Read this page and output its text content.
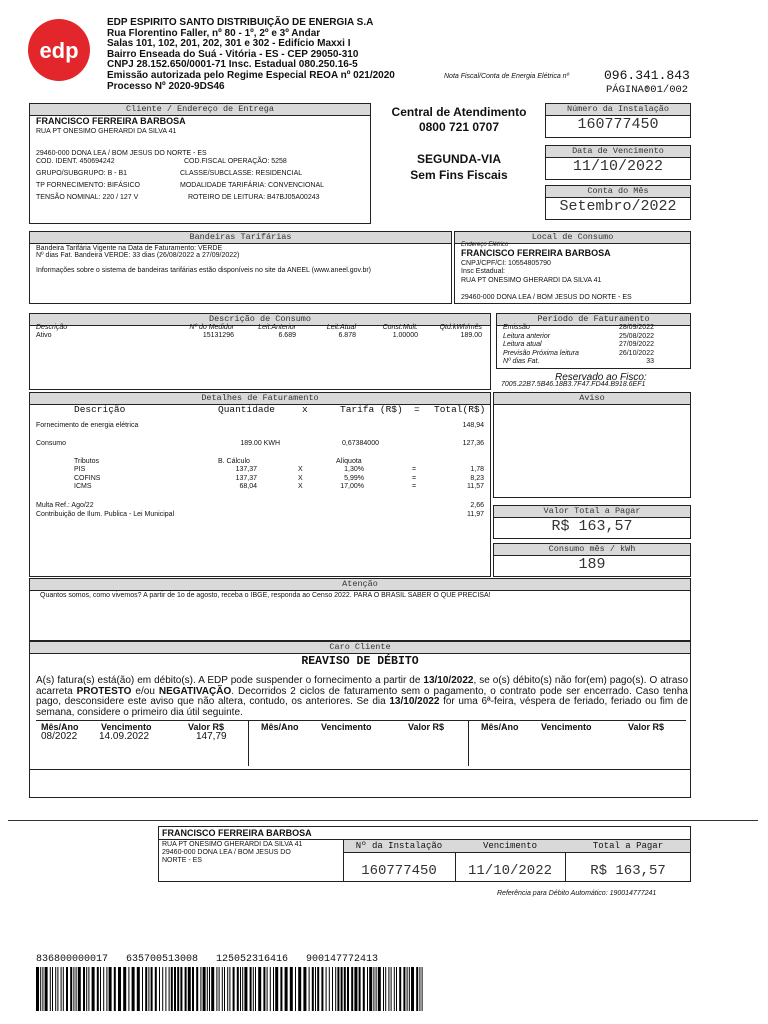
edp
EDP ESPIRITO SANTO DISTRIBUIÇÃO DE ENERGIA S.A
Rua Florentino Faller, nº 80 - 1º, 2º e 3º Andar
Salas 101, 102, 201, 202, 301 e 302 - Edifício Maxxi I
Bairro Enseada do Suá - Vitória - ES - CEP 29050-310
CNPJ 28.152.650/0001-71 Insc. Estadual 080.250.16-5
Emissão autorizada pelo Regime Especial REOA nº 021/2020
Processo Nº 2020-9DS46
Nota Fiscal/Conta de Energia Elétrica nº	096.341.843
PÁGINA:
001/002
Cliente / Endereço de Entrega
FRANCISCO FERREIRA BARBOSA
RUA PT ONESIMO GHERARDI DA SILVA 41
29460-000 DONA LEA / BOM JESUS DO NORTE - ES
COD. IDENT. 450694242	COD.FISCAL OPERAÇÃO: 5258
GRUPO/SUBGRUPO: B - B1	CLASSE/SUBCLASSE: RESIDENCIAL
TP FORNECIMENTO: BIFÁSICO	MODALIDADE TARIFÁRIA: CONVENCIONAL
TENSÃO NOMINAL: 220 / 127 V	ROTEIRO DE LEITURA: B47BJ05A00243
Central de Atendimento
0800 721 0707
SEGUNDA-VIA
Sem Fins Fiscais
Número da Instalação
160777450
Data de Vencimento
11/10/2022
Conta do Mês
Setembro/2022
Bandeiras Tarifárias
Bandeira Tarifária Vigente na Data de Faturamento: VERDE
Nº dias Fat. Bandeira VERDE: 33 dias (26/08/2022 a 27/09/2022)
Informações sobre o sistema de bandeiras tarifárias estão disponíveis no site da ANEEL (www.aneel.gov.br)
Local de Consumo
Endereço Elétrico
FRANCISCO FERREIRA BARBOSA
CNPJ/CPF/CI: 10554805790
Insc Estadual:
RUA PT ONESIMO GHERARDI DA SILVA 41
29460-000 DONA LEA / BOM JESUS DO NORTE - ES
Descrição de Consumo
Descrição	Nº do Medidor	Leit.Anterior	Leit.Atual	Const.Mult.	Qtd.kWh/mês
Ativo	15131296	6.689	6.878	1.00000	189.00
Período de Faturamento
Emissão	28/09/2022
Leitura anterior	25/08/2022
Leitura atual	27/09/2022
Previsão Próxima leitura	26/10/2022
Nº dias Fat.	33
Reservado ao Fisco:
7005.22B7.5B46.18B3.7F47.FD44.B918.6EF1
Detalhes de Faturamento
Descrição	Quantidade	x	Tarifa (R$) = Total(R$)
Fornecimento de energia elétrica	148,94
Consumo	189.00 KWH	0,67384000	127,36
Tributos	B. Cálculo	Alíquota
PIS	137,37	X	1,30%	=	1,78
COFINS	137,37	X	5,99%	=	8,23
ICMS	68,04	X	17,00%	=	11,57
Multa Ref.: Ago/22	2,66
Contribuição de Ilum. Publica - Lei Municipal	11,97
Aviso
Valor Total a Pagar
R$ 163,57
Consumo mês / kWh
189
Atenção
Quantos somos, como vivemos? A partir de 1o de agosto, receba o IBGE, responda ao Censo 2022. PARA O BRASIL SABER O QUE PRECISA!
Caro Cliente
REAVISO DE DÉBITO
A(s) fatura(s) está(ão) em débito(s). A EDP pode suspender o fornecimento a partir de 13/10/2022, se o(s) débito(s) não for(em) pago(s). O atraso acarreta PROTESTO e/ou NEGATIVAÇÃO. Decorridos 2 ciclos de faturamento sem o pagamento, o contrato pode ser encerrado. Caso tenha pago, desconsidere este aviso que não altera, contudo, os anteriores. Se dia 13/10/2022 for uma 6ª-feira, véspera de feriado, feriado ou fim de semana, considere o primeiro dia útil seguinte.
Mês/Ano Vencimento	Valor R$	Mês/Ano Vencimento	Valor R$	Mês/Ano Vencimento	Valor R$
08/2022 14.09.2022	147,79
FRANCISCO FERREIRA BARBOSA
RUA PT ONESIMO GHERARDI DA SILVA 41
29460-000 DONA LEA / BOM JESUS DO
NORTE - ES
Nº da Instalação	Vencimento	Total a Pagar
160777450	11/10/2022	R$ 163,57
Referência para Débito Automático: 190014777241
836800000017   635700513008   125052316416   900147772413
